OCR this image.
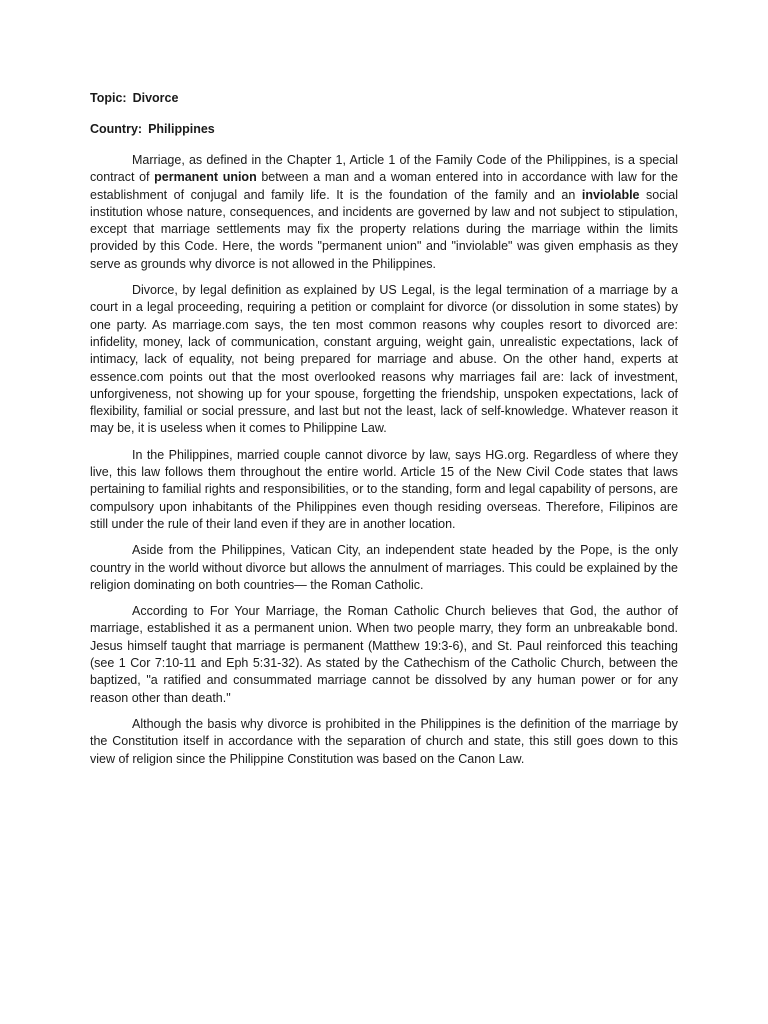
Topic: Divorce
Country: Philippines

Marriage, as defined in the Chapter 1, Article 1 of the Family Code of the Philippines, is a special contract of permanent union between a man and a woman entered into in accordance with law for the establishment of conjugal and family life. It is the foundation of the family and an inviolable social institution whose nature, consequences, and incidents are governed by law and not subject to stipulation, except that marriage settlements may fix the property relations during the marriage within the limits provided by this Code. Here, the words "permanent union" and "inviolable" was given emphasis as they serve as grounds why divorce is not allowed in the Philippines.

Divorce, by legal definition as explained by US Legal, is the legal termination of a marriage by a court in a legal proceeding, requiring a petition or complaint for divorce (or dissolution in some states) by one party. As marriage.com says, the ten most common reasons why couples resort to divorced are: infidelity, money, lack of communication, constant arguing, weight gain, unrealistic expectations, lack of intimacy, lack of equality, not being prepared for marriage and abuse. On the other hand, experts at essence.com points out that the most overlooked reasons why marriages fail are: lack of investment, unforgiveness, not showing up for your spouse, forgetting the friendship, unspoken expectations, lack of flexibility, familial or social pressure, and last but not the least, lack of self-knowledge. Whatever reason it may be, it is useless when it comes to Philippine Law.

In the Philippines, married couple cannot divorce by law, says HG.org. Regardless of where they live, this law follows them throughout the entire world. Article 15 of the New Civil Code states that laws pertaining to familial rights and responsibilities, or to the standing, form and legal capability of persons, are compulsory upon inhabitants of the Philippines even though residing overseas. Therefore, Filipinos are still under the rule of their land even if they are in another location.

Aside from the Philippines, Vatican City, an independent state headed by the Pope, is the only country in the world without divorce but allows the annulment of marriages. This could be explained by the religion dominating on both countries— the Roman Catholic.

According to For Your Marriage, the Roman Catholic Church believes that God, the author of marriage, established it as a permanent union. When two people marry, they form an unbreakable bond. Jesus himself taught that marriage is permanent (Matthew 19:3-6), and St. Paul reinforced this teaching (see 1 Cor 7:10-11 and Eph 5:31-32). As stated by the Cathechism of the Catholic Church, between the baptized, "a ratified and consummated marriage cannot be dissolved by any human power or for any reason other than death."

Although the basis why divorce is prohibited in the Philippines is the definition of the marriage by the Constitution itself in accordance with the separation of church and state, this still goes down to this view of religion since the Philippine Constitution was based on the Canon Law.
